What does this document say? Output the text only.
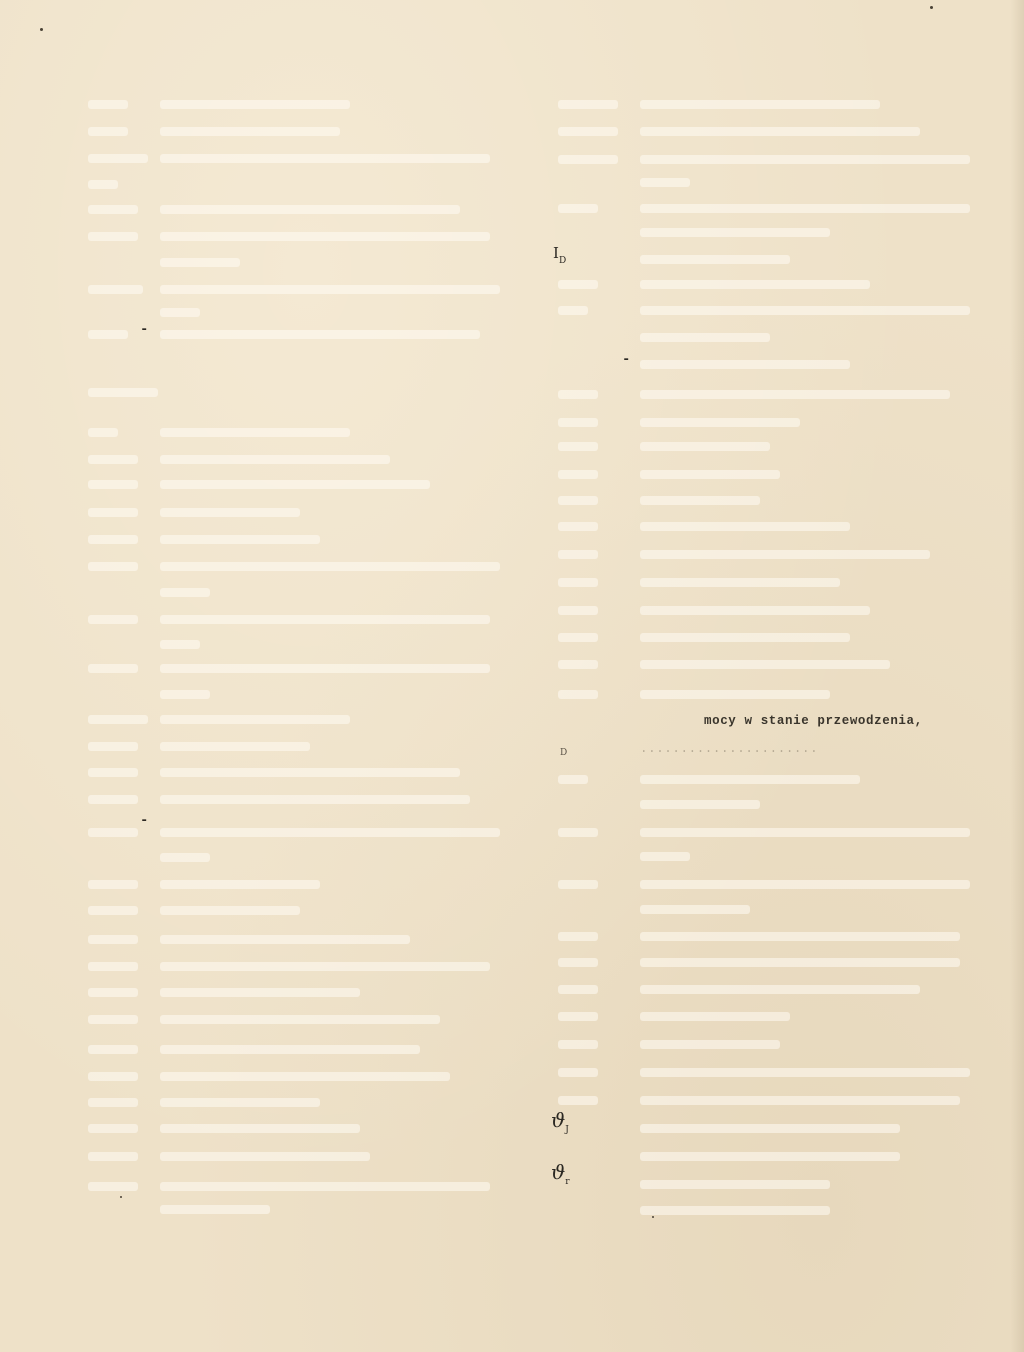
$I_D$
D
$ϑ_J$
$ϑ_r$
-
-
-
mocy w stanie przewodzenia,
......................
